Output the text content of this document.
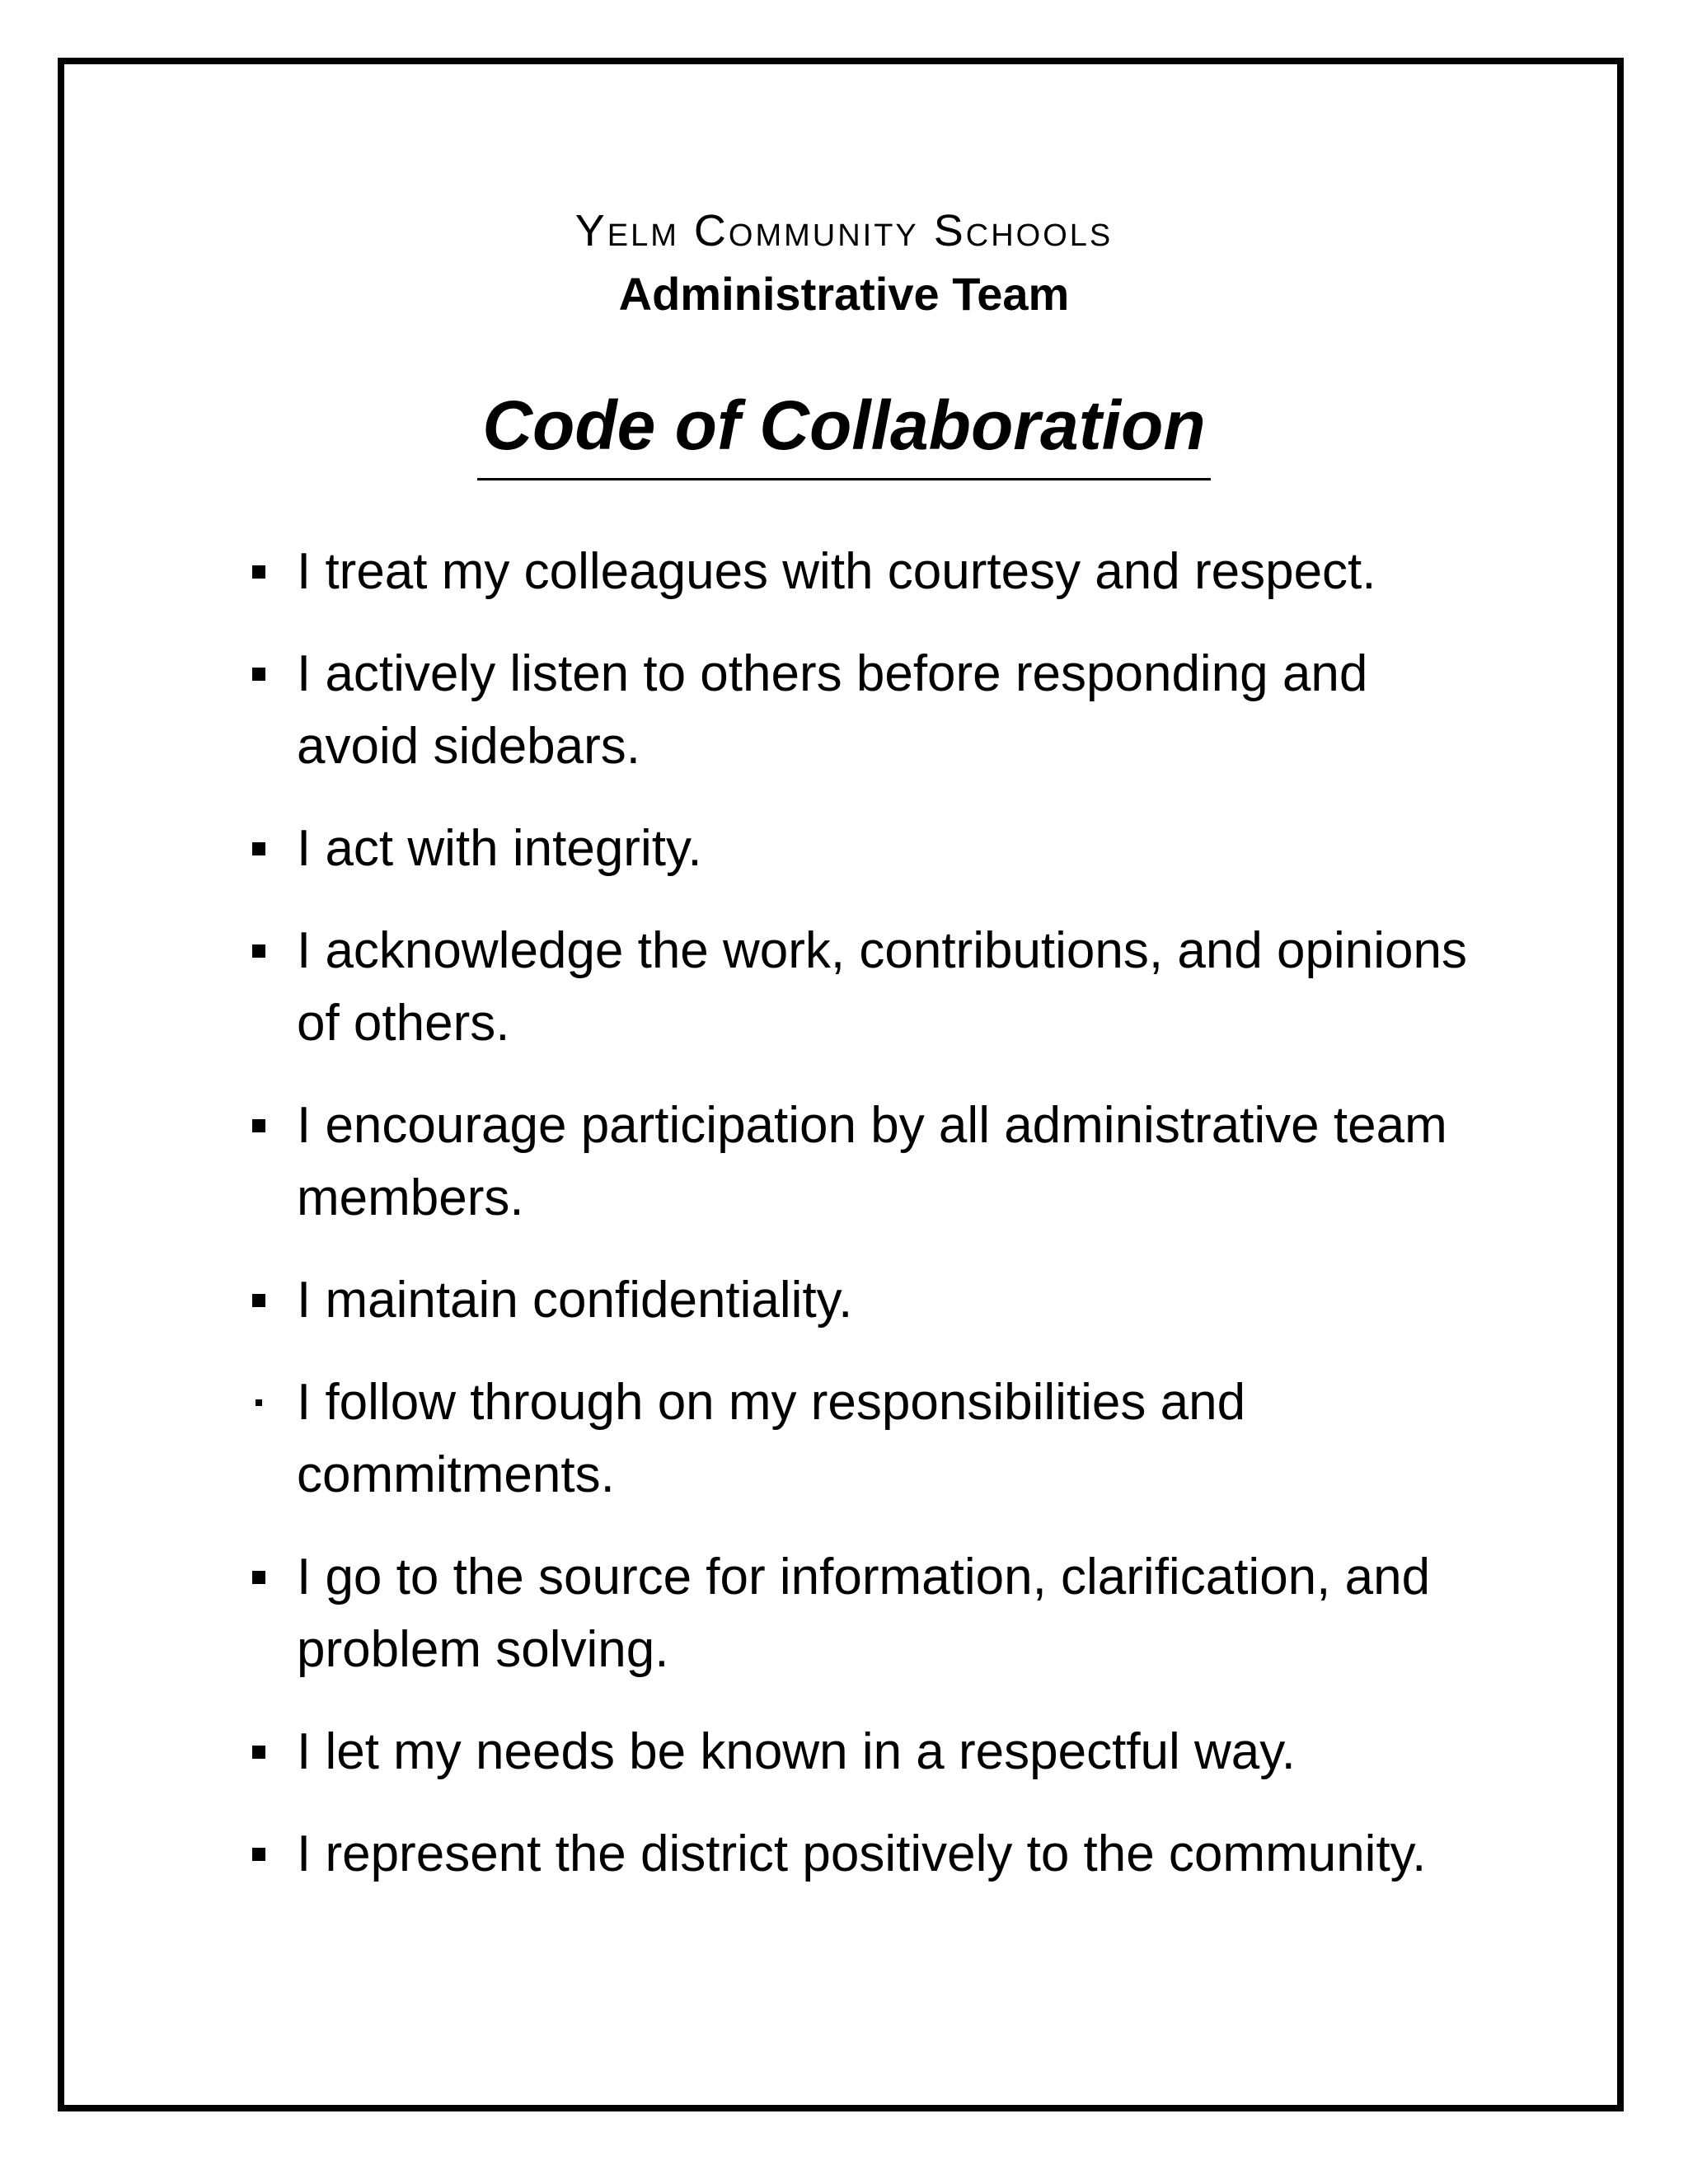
Yelm Community Schools
Administrative Team
Code of Collaboration
I treat my colleagues with courtesy and respect.
I actively listen to others before responding and avoid sidebars.
I act with integrity.
I acknowledge the work, contributions, and opinions of others.
I encourage participation by all administrative team members.
I maintain confidentiality.
I follow through on my responsibilities and commitments.
I go to the source for information, clarification, and problem solving.
I let my needs be known in a respectful way.
I represent the district positively to the community.
